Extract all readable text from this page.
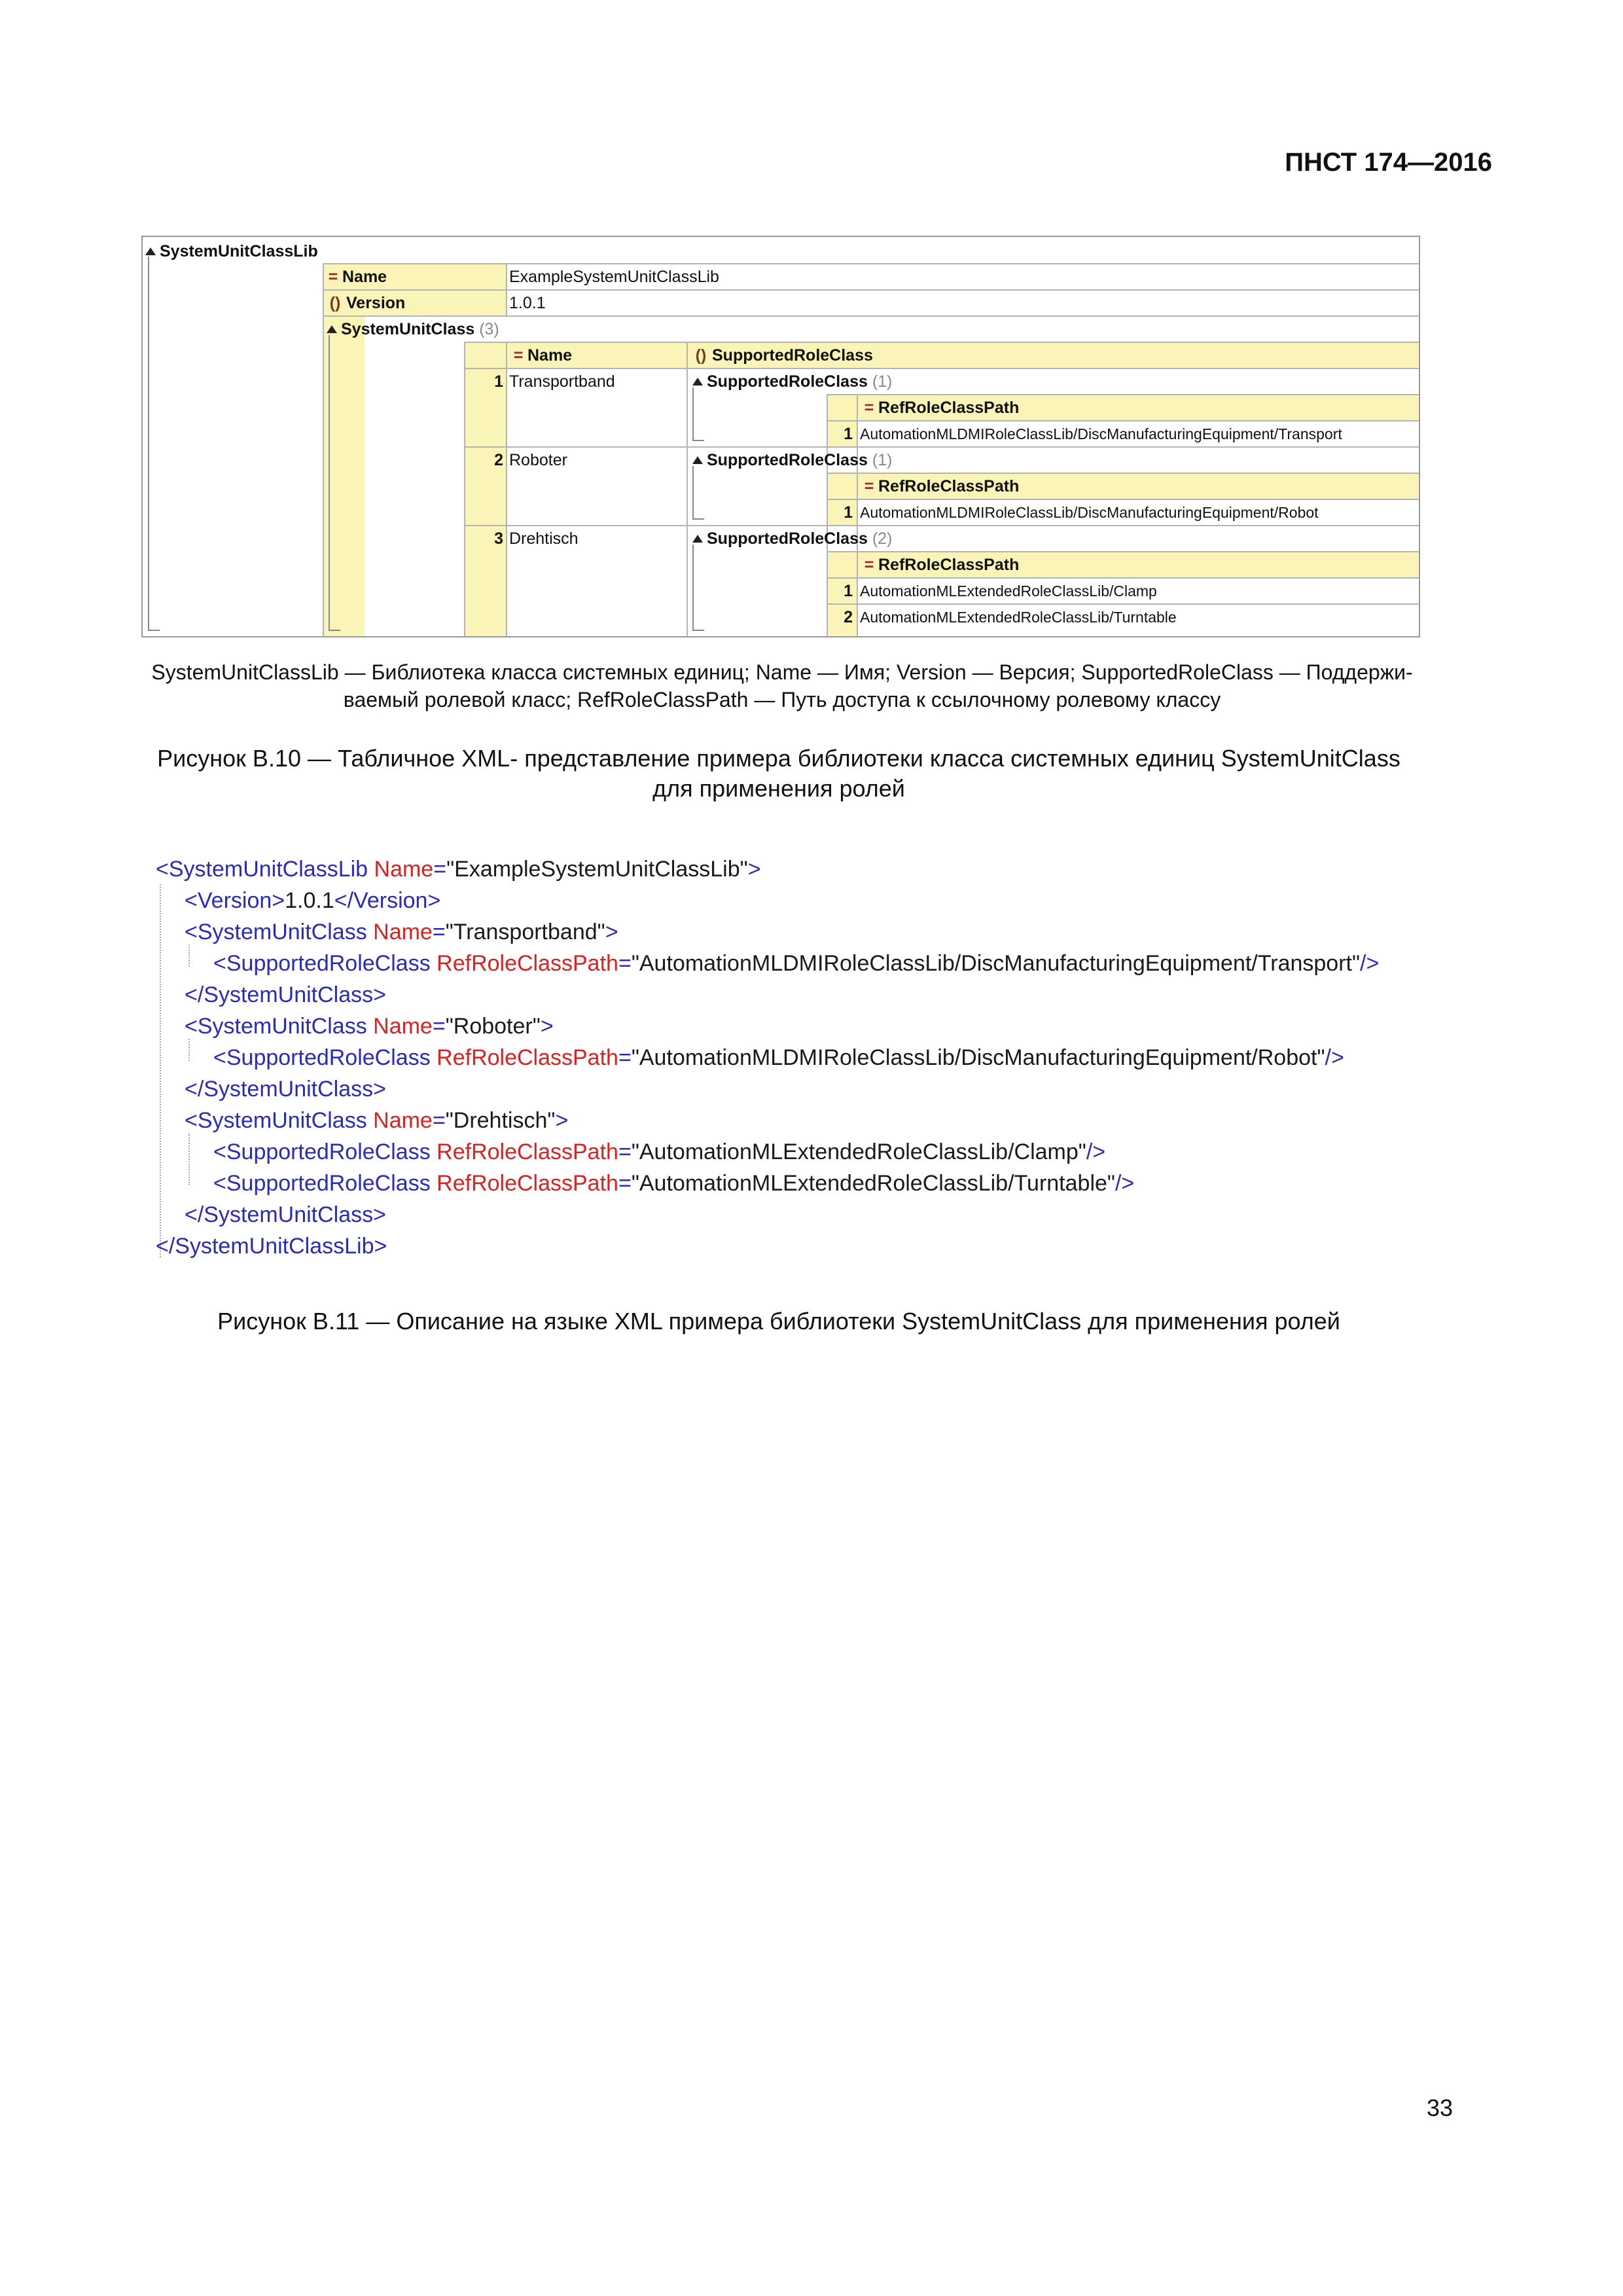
ПНСТ 174—2016
SystemUnitClassLib
= Name	ExampleSystemUnitClassLib
() Version	1.0.1
SystemUnitClass (3)
= Name	() SupportedRoleClass
1 Transportband	SupportedRoleClass (1)
= RefRoleClassPath
1 AutomationMLDMIRoleClassLib/DiscManufacturingEquipment/Transport
2 Roboter	SupportedRoleClass (1)
= RefRoleClassPath
1 AutomationMLDMIRoleClassLib/DiscManufacturingEquipment/Robot
3 Drehtisch	SupportedRoleClass (2)
= RefRoleClassPath
1 AutomationMLExtendedRoleClassLib/Clamp
2 AutomationMLExtendedRoleClassLib/Turntable
SystemUnitClassLib — Библиотека класса системных единиц; Name — Имя; Version — Версия; SupportedRoleClass — Поддержи-
ваемый ролевой класс; RefRoleClassPath — Путь доступа к ссылочному ролевому классу
Рисунок В.10 — Табличное XML- представление примера библиотеки класса системных единиц SystemUnitClass
для применения ролей
<SystemUnitClassLib Name="ExampleSystemUnitClassLib">
<Version>1.0.1</Version>
<SystemUnitClass Name="Transportband">
<SupportedRoleClass RefRoleClassPath="AutomationMLDMIRoleClassLib/DiscManufacturingEquipment/Transport"/>
</SystemUnitClass>
<SystemUnitClass Name="Roboter">
<SupportedRoleClass RefRoleClassPath="AutomationMLDMIRoleClassLib/DiscManufacturingEquipment/Robot"/>
</SystemUnitClass>
<SystemUnitClass Name="Drehtisch">
<SupportedRoleClass RefRoleClassPath="AutomationMLExtendedRoleClassLib/Clamp"/>
<SupportedRoleClass RefRoleClassPath="AutomationMLExtendedRoleClassLib/Turntable"/>
</SystemUnitClass>
</SystemUnitClassLib>
Рисунок В.11 — Описание на языке XML примера библиотеки SystemUnitClass для применения ролей
33
